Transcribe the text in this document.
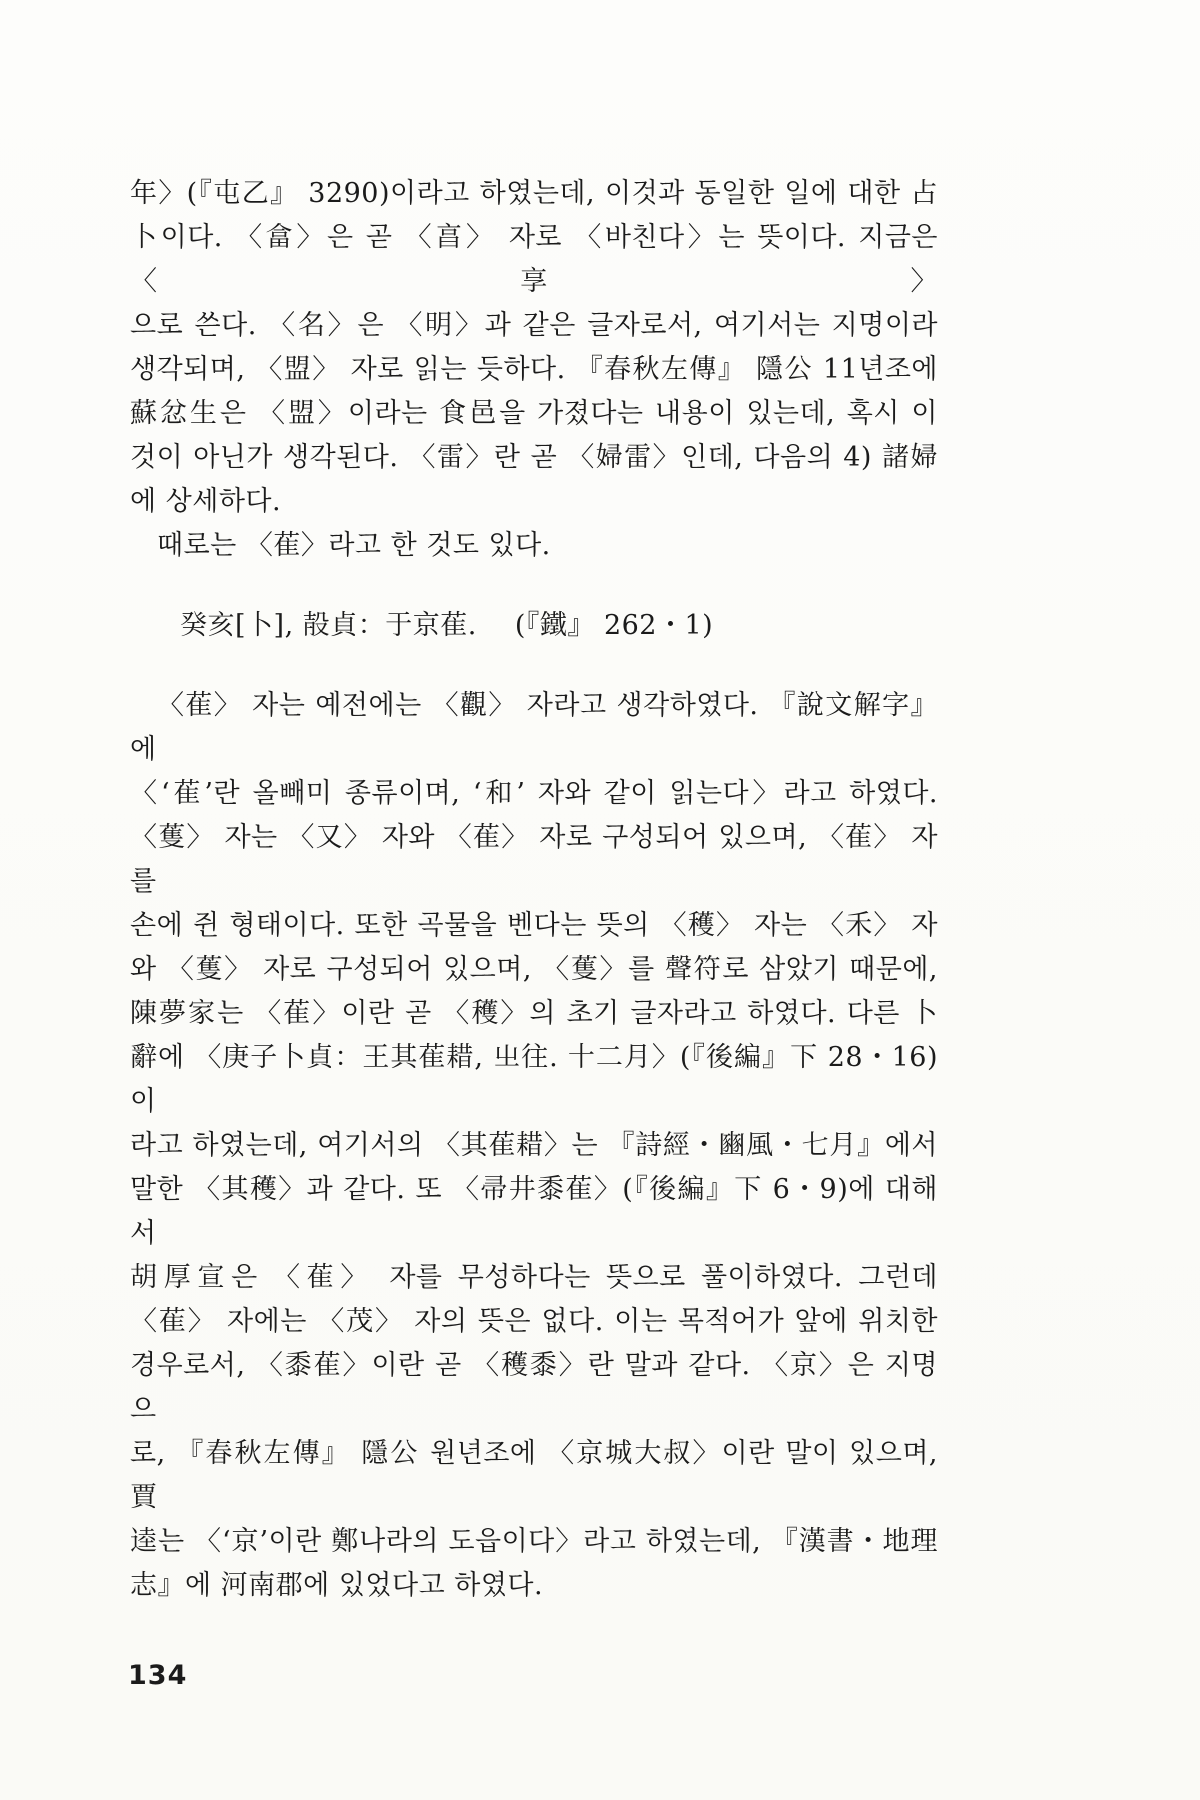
年〉(『屯乙』 3290)이라고 하였는데, 이것과 동일한 일에 대한 占
卜이다. 〈畣〉은 곧 〈亯〉 자로 〈바친다〉는 뜻이다. 지금은 〈享〉
으로 쓴다. 〈名〉은 〈明〉과 같은 글자로서, 여기서는 지명이라
생각되며, 〈盟〉 자로 읽는 듯하다. 『春秋左傳』 隱公 11년조에
蘇忿生은 〈盟〉이라는 食邑을 가졌다는 내용이 있는데, 혹시 이
것이 아닌가 생각된다. 〈雷〉란 곧 〈婦雷〉인데, 다음의 4) 諸婦
에 상세하다.
때로는 〈萑〉라고 한 것도 있다.
癸亥[卜], 㱿貞：于京萑. (『鐵』 262・1)
〈萑〉 자는 예전에는 〈觀〉 자라고 생각하였다. 『說文解字』에
〈‘萑’란 올빼미 종류이며, ‘和’ 자와 같이 읽는다〉라고 하였다.
〈蒦〉 자는 〈又〉 자와 〈萑〉 자로 구성되어 있으며, 〈萑〉 자를
손에 쥔 형태이다. 또한 곡물을 벤다는 뜻의 〈穫〉 자는 〈禾〉 자
와 〈蒦〉 자로 구성되어 있으며, 〈蒦〉를 聲符로 삼았기 때문에,
陳夢家는 〈萑〉이란 곧 〈穫〉의 초기 글자라고 하였다. 다른 卜
辭에 〈庚子卜貞：王其萑耤, 㞢往. 十二月〉(『後編』下 28・16)이
라고 하였는데, 여기서의 〈其萑耤〉는 『詩經・豳風・七月』에서
말한 〈其穫〉과 같다. 또 〈帚井黍萑〉(『後編』下 6・9)에 대해서
胡厚宣은 〈萑〉 자를 무성하다는 뜻으로 풀이하였다. 그런데
〈萑〉 자에는 〈茂〉 자의 뜻은 없다. 이는 목적어가 앞에 위치한
경우로서, 〈黍萑〉이란 곧 〈穫黍〉란 말과 같다. 〈京〉은 지명으
로, 『春秋左傳』 隱公 원년조에 〈京城大叔〉이란 말이 있으며, 賈
逵는 〈‘京’이란 鄭나라의 도읍이다〉라고 하였는데, 『漢書・地理
志』에 河南郡에 있었다고 하였다.
134
